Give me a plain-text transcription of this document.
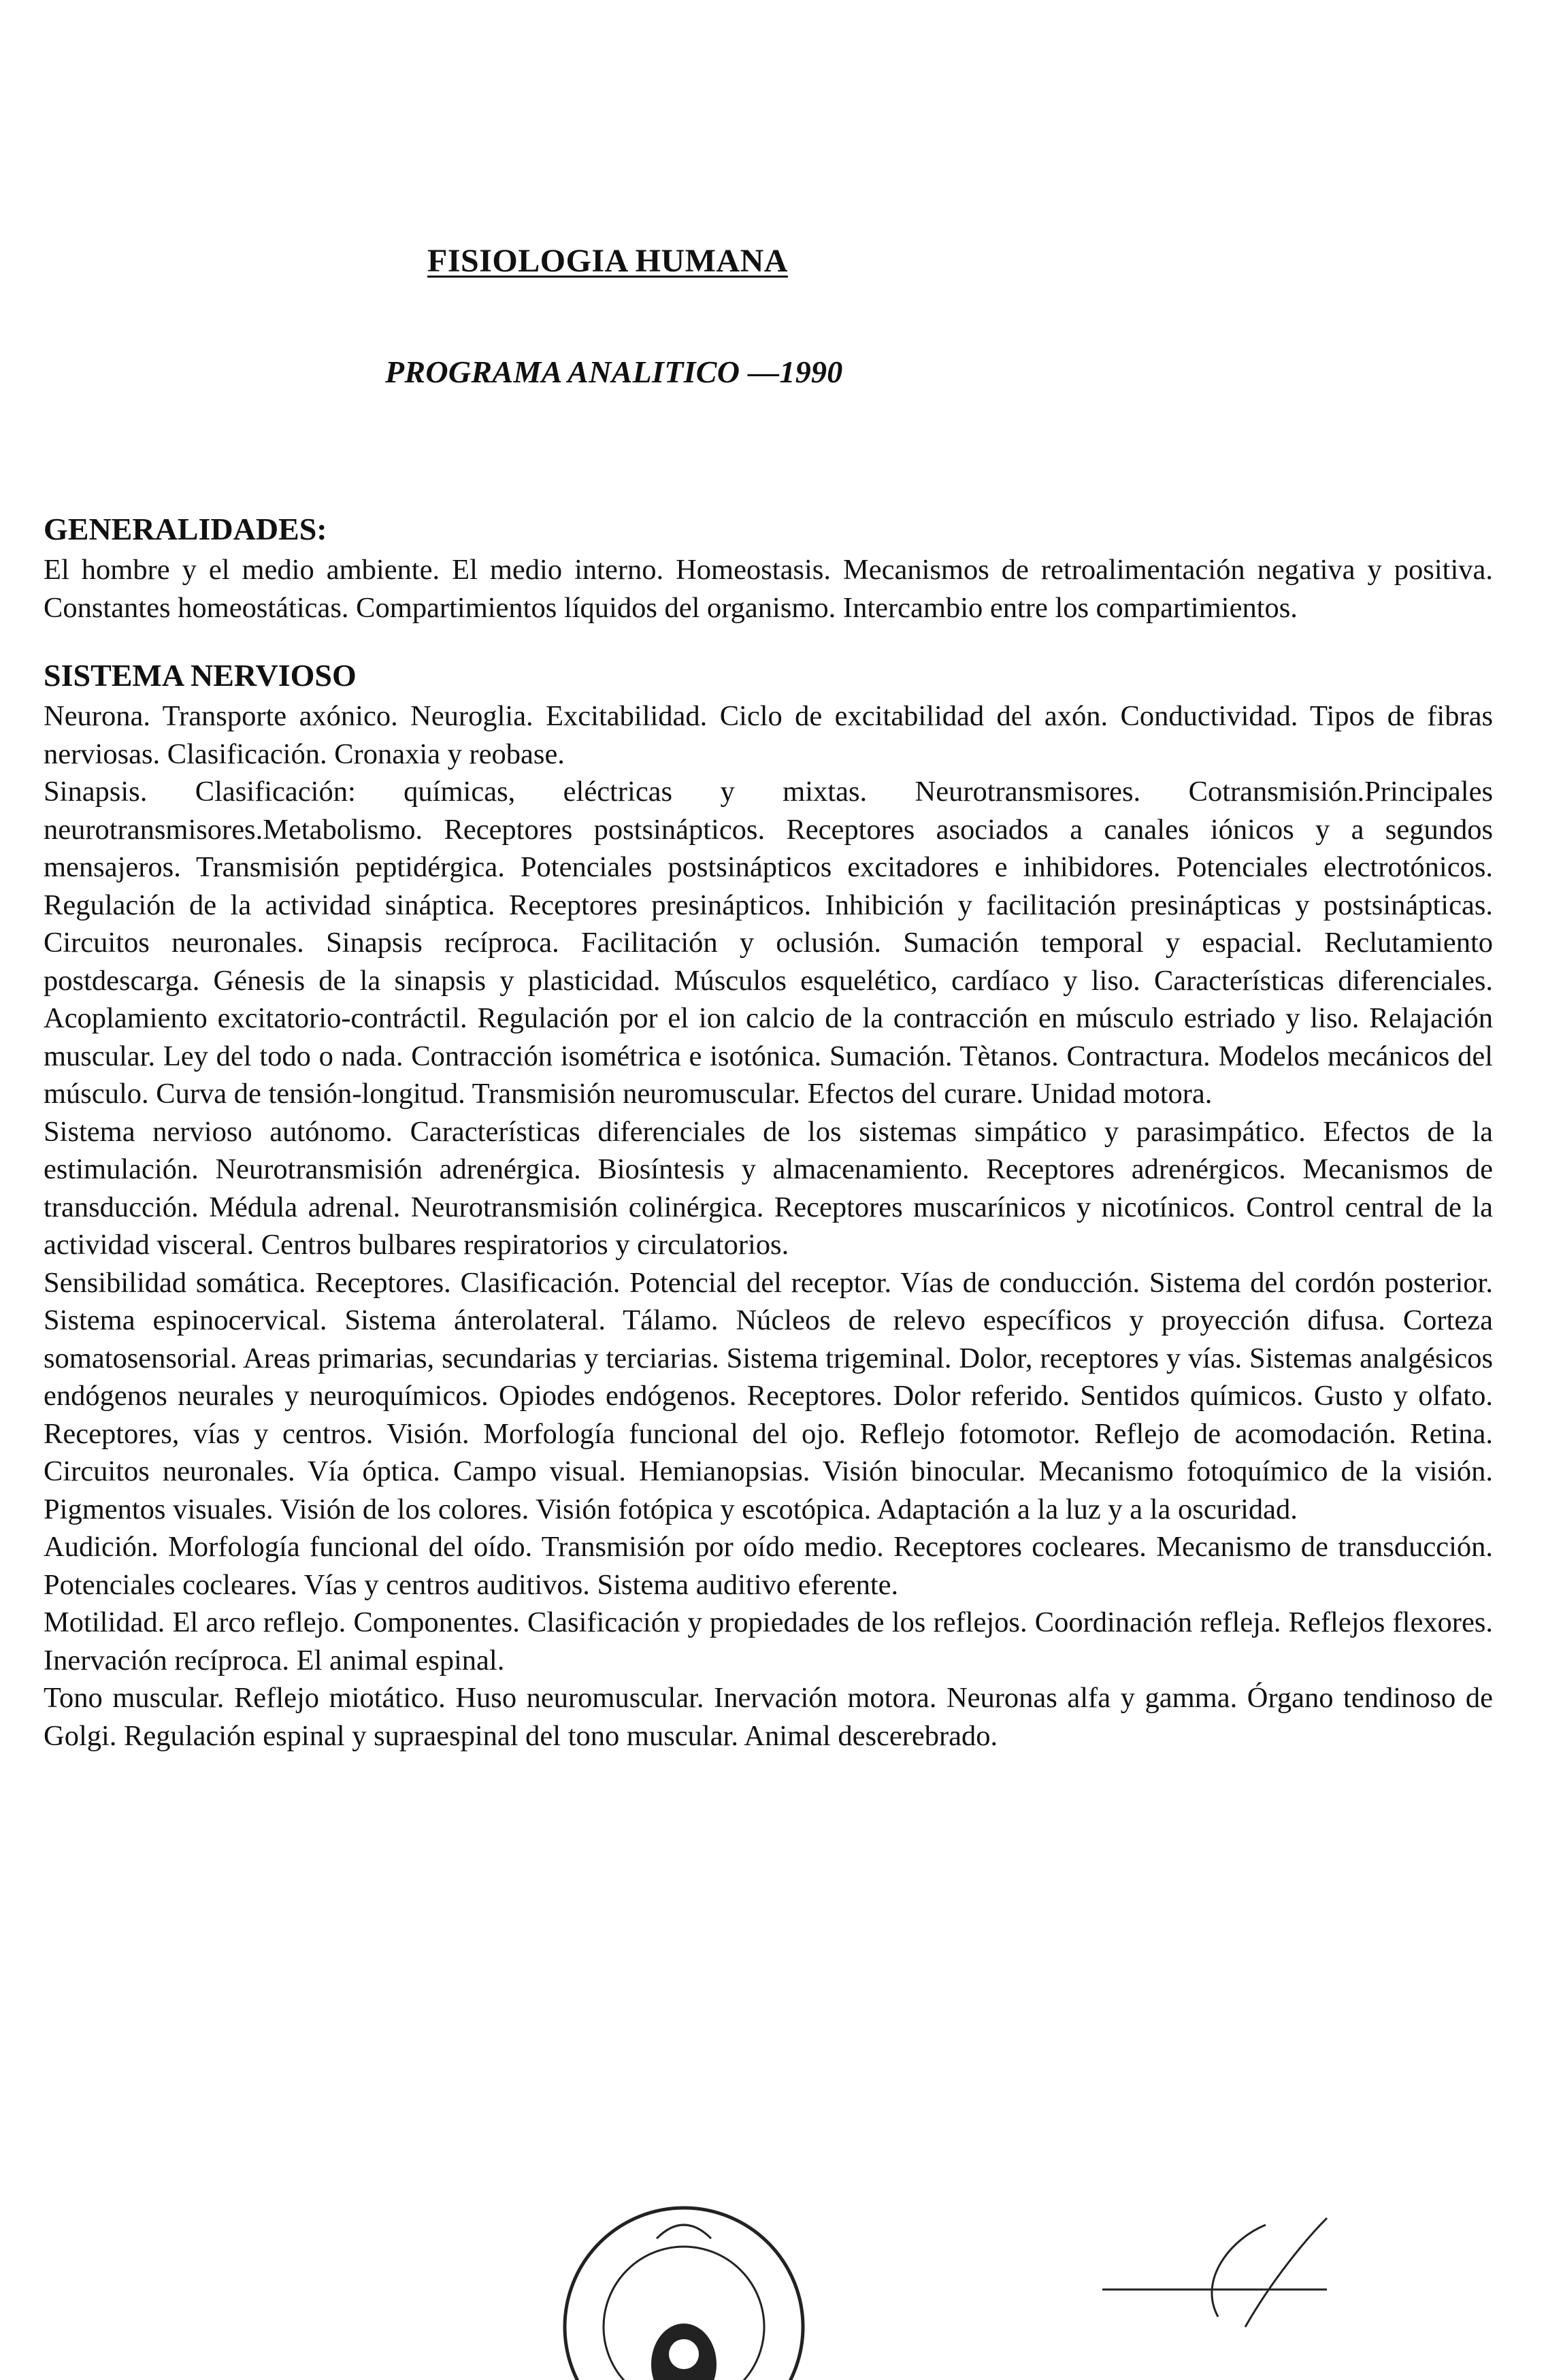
FISIOLOGIA HUMANA
PROGRAMA ANALITICO —1990
GENERALIDADES:

El hombre y el medio ambiente. El medio interno. Homeostasis. Mecanismos de retroalimentación negativa y positiva. Constantes homeostáticas. Compartimientos líquidos del organismo. Intercambio entre los compartimientos.

SISTEMA NERVIOSO

Neurona. Transporte axónico. Neuroglia. Excitabilidad. Ciclo de excitabilidad del axón. Conductividad. Tipos de fibras nerviosas. Clasificación. Cronaxia y reobase.

Sinapsis. Clasificación: químicas, eléctricas y mixtas. Neurotransmisores. Cotransmisión.Principales neurotransmisores.Metabolismo. Receptores postsinápticos. Receptores asociados a canales iónicos y a segundos mensajeros. Transmisión peptidérgica. Potenciales postsinápticos excitadores e inhibidores. Potenciales electrotónicos. Regulación de la actividad sináptica. Receptores presinápticos. Inhibición y facilitación presinápticas y postsinápticas. Circuitos neuronales. Sinapsis recíproca. Facilitación y oclusión. Sumación temporal y espacial. Reclutamiento postdescarga. Génesis de la sinapsis y plasticidad. Músculos esquelético, cardíaco y liso. Características diferenciales. Acoplamiento excitatorio-contráctil. Regulación por el ion calcio de la contracción en músculo estriado y liso. Relajación muscular. Ley del todo o nada. Contracción isométrica e isotónica. Sumación. Tètanos. Contractura. Modelos mecánicos del músculo. Curva de tensión-longitud. Transmisión neuromuscular. Efectos del curare. Unidad motora.

Sistema nervioso autónomo. Características diferenciales de los sistemas simpático y parasimpático. Efectos de la estimulación. Neurotransmisión adrenérgica. Biosíntesis y almacenamiento. Receptores adrenérgicos. Mecanismos de transducción. Médula adrenal. Neurotransmisión colinérgica. Receptores muscarínicos y nicotínicos. Control central de la actividad visceral. Centros bulbares respiratorios y circulatorios.

Sensibilidad somática. Receptores. Clasificación. Potencial del receptor. Vías de conducción. Sistema del cordón posterior. Sistema espinocervical. Sistema ánterolateral. Tálamo. Núcleos de relevo específicos y proyección difusa. Corteza somatosensorial. Areas primarias, secundarias y terciarias. Sistema trigeminal. Dolor, receptores y vías. Sistemas analgésicos endógenos neurales y neuroquímicos. Opiodes endógenos. Receptores. Dolor referido. Sentidos químicos. Gusto y olfato. Receptores, vías y centros. Visión. Morfología funcional del ojo. Reflejo fotomotor. Reflejo de acomodación. Retina. Circuitos neuronales. Vía óptica. Campo visual. Hemianopsias. Visión binocular. Mecanismo fotoquímico de la visión. Pigmentos visuales. Visión de los colores. Visión fotópica y escotópica. Adaptación a la luz y a la oscuridad.

Audición. Morfología funcional del oído. Transmisión por oído medio. Receptores cocleares. Mecanismo de transducción. Potenciales cocleares. Vías y centros auditivos. Sistema auditivo eferente.

Motilidad. El arco reflejo. Componentes. Clasificación y propiedades de los reflejos. Coordinación refleja. Reflejos flexores. Inervación recíproca. El animal espinal.

Tono muscular. Reflejo miotático. Huso neuromuscular. Inervación motora. Neuronas alfa y gamma. Órgano tendinoso de Golgi. Regulación espinal y supraespinal del tono muscular. Animal descerebrado.
